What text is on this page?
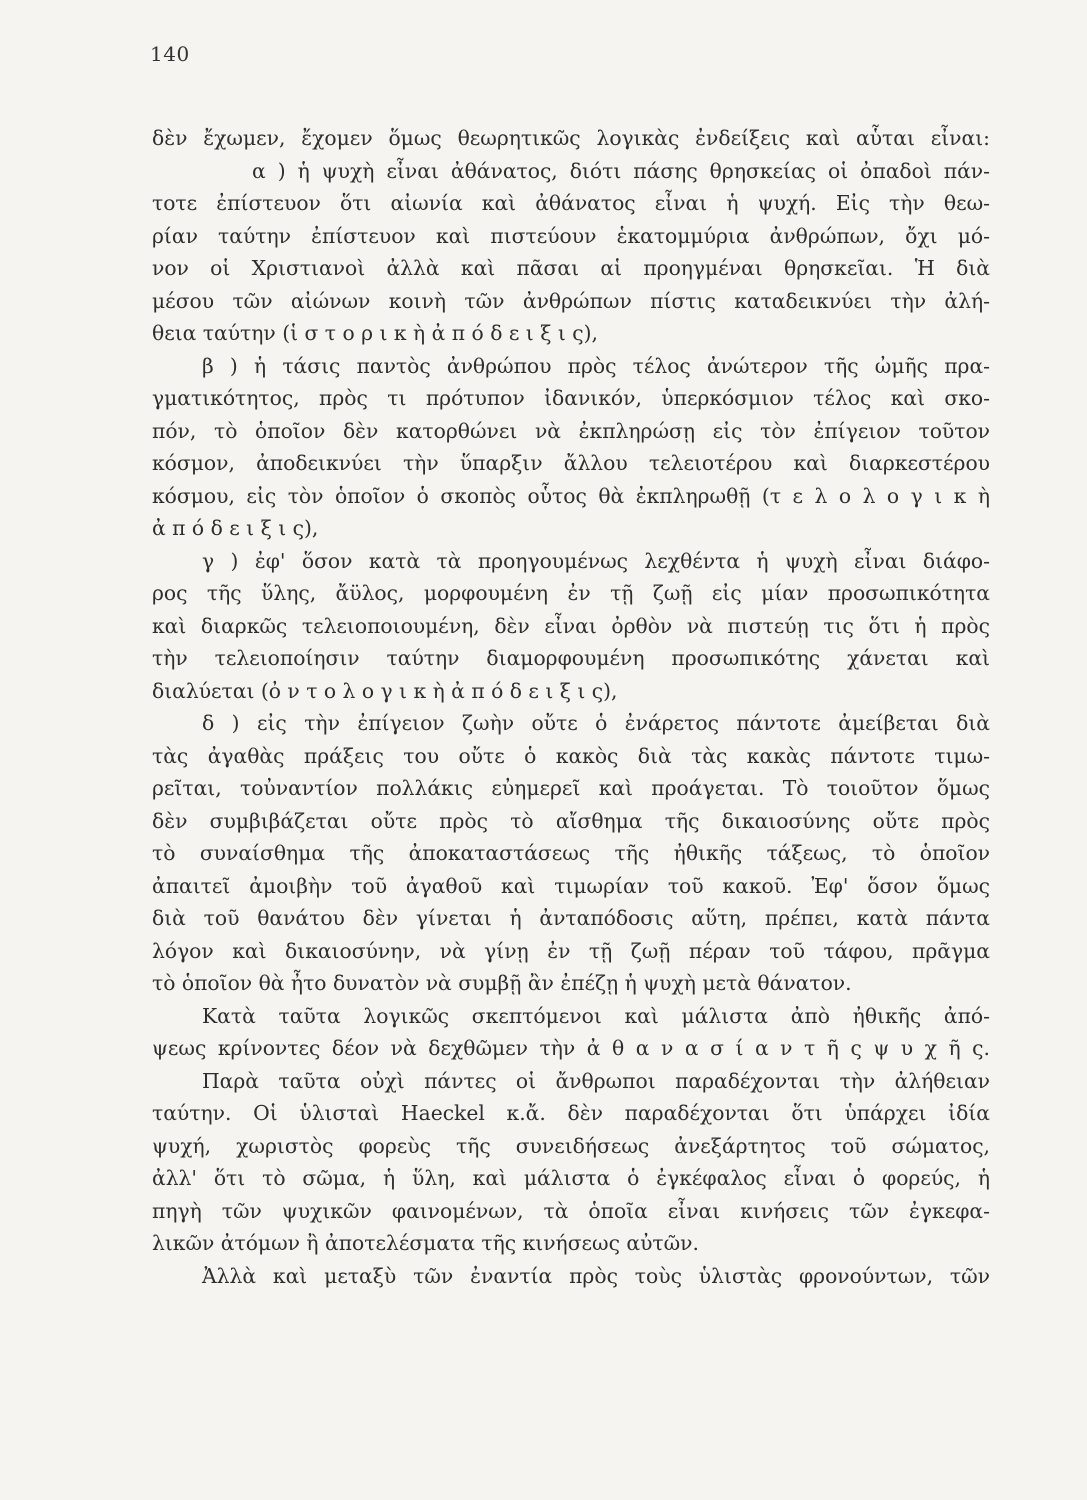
140
δὲν ἔχωμεν, ἔχομεν ὅμως θεωρητικῶς λογικὰς ἐνδείξεις καὶ αὗται εἶναι:
α ) ἡ ψυχὴ εἶναι ἀθάνατος, διότι πάσης θρησκείας οἱ ὀπαδοὶ πάν-
τοτε ἐπίστευον ὅτι αἰωνία καὶ ἀθάνατος εἶναι ἡ ψυχή. Εἰς τὴν θεω-
ρίαν ταύτην ἐπίστευον καὶ πιστεύουν ἑκατομμύρια ἀνθρώπων, ὄχι μό-
νον οἱ Χριστιανοὶ ἀλλὰ καὶ πᾶσαι αἱ προηγμέναι θρησκεῖαι. Ἡ διὰ
μέσου τῶν αἰώνων κοινὴ τῶν ἀνθρώπων πίστις καταδεικνύει τὴν ἀλή-
θεια ταύτην (ἱ σ τ ο ρ ι κ ὴ ἀ π ό δ ε ι ξ ι ς),
β ) ἡ τάσις παντὸς ἀνθρώπου πρὸς τέλος ἀνώτερον τῆς ὠμῆς πρα-
γματικότητος, πρὸς τι πρότυπον ἰδανικόν, ὑπερκόσμιον τέλος καὶ σκο-
πόν, τὸ ὁποῖον δὲν κατορθώνει νὰ ἐκπληρώσῃ εἰς τὸν ἐπίγειον τοῦτον
κόσμον, ἀποδεικνύει τὴν ὕπαρξιν ἄλλου τελειοτέρου καὶ διαρκεστέρου
κόσμου, εἰς τὸν ὁποῖον ὁ σκοπὸς οὗτος θὰ ἐκπληρωθῇ (τ ε λ ο λ ο γ ι κ ὴ
ἀ π ό δ ε ι ξ ι ς),
γ ) ἐφ' ὅσον κατὰ τὰ προηγουμένως λεχθέντα ἡ ψυχὴ εἶναι διάφο-
ρος τῆς ὕλης, ἄϋλος, μορφουμένη ἐν τῇ ζωῇ εἰς μίαν προσωπικότητα
καὶ διαρκῶς τελειοποιουμένη, δὲν εἶναι ὀρθὸν νὰ πιστεύῃ τις ὅτι ἡ πρὸς
τὴν τελειοποίησιν ταύτην διαμορφουμένη προσωπικότης χάνεται καὶ
διαλύεται (ὀ ν τ ο λ ο γ ι κ ὴ ἀ π ό δ ε ι ξ ι ς),
δ ) εἰς τὴν ἐπίγειον ζωὴν οὔτε ὁ ἐνάρετος πάντοτε ἀμείβεται διὰ
τὰς ἀγαθὰς πράξεις του οὔτε ὁ κακὸς διὰ τὰς κακὰς πάντοτε τιμω-
ρεῖται, τοὐναντίον πολλάκις εὐημερεῖ καὶ προάγεται. Τὸ τοιοῦτον ὅμως
δὲν συμβιβάζεται οὔτε πρὸς τὸ αἴσθημα τῆς δικαιοσύνης οὔτε πρὸς
τὸ συναίσθημα τῆς ἀποκαταστάσεως τῆς ἠθικῆς τάξεως, τὸ ὁποῖον
ἀπαιτεῖ ἀμοιβὴν τοῦ ἀγαθοῦ καὶ τιμωρίαν τοῦ κακοῦ. Ἐφ' ὅσον ὅμως
διὰ τοῦ θανάτου δὲν γίνεται ἡ ἀνταπόδοσις αὕτη, πρέπει, κατὰ πάντα
λόγον καὶ δικαιοσύνην, νὰ γίνῃ ἐν τῇ ζωῇ πέραν τοῦ τάφου, πρᾶγμα
τὸ ὁποῖον θὰ ἦτο δυνατὸν νὰ συμβῇ ἂν ἐπέζῃ ἡ ψυχὴ μετὰ θάνατον.
Κατὰ ταῦτα λογικῶς σκεπτόμενοι καὶ μάλιστα ἀπὸ ἠθικῆς ἀπό-
ψεως κρίνοντες δέον νὰ δεχθῶμεν τὴν ἀ θ α ν α σ ί α ν τ ῆ ς ψ υ χ ῆ ς.
Παρὰ ταῦτα οὐχὶ πάντες οἱ ἄνθρωποι παραδέχονται τὴν ἀλήθειαν
ταύτην. Οἱ ὑλισταὶ Haeckel κ.ἄ. δὲν παραδέχονται ὅτι ὑπάρχει ἰδία
ψυχή, χωριστὸς φορεὺς τῆς συνειδήσεως ἀνεξάρτητος τοῦ σώματος,
ἀλλ' ὅτι τὸ σῶμα, ἡ ὕλη, καὶ μάλιστα ὁ ἐγκέφαλος εἶναι ὁ φορεύς, ἡ
πηγὴ τῶν ψυχικῶν φαινομένων, τὰ ὁποῖα εἶναι κινήσεις τῶν ἐγκεφα-
λικῶν ἀτόμων ἢ ἀποτελέσματα τῆς κινήσεως αὐτῶν.
Ἀλλὰ καὶ μεταξὺ τῶν ἐναντία πρὸς τοὺς ὑλιστὰς φρονούντων, τῶν
